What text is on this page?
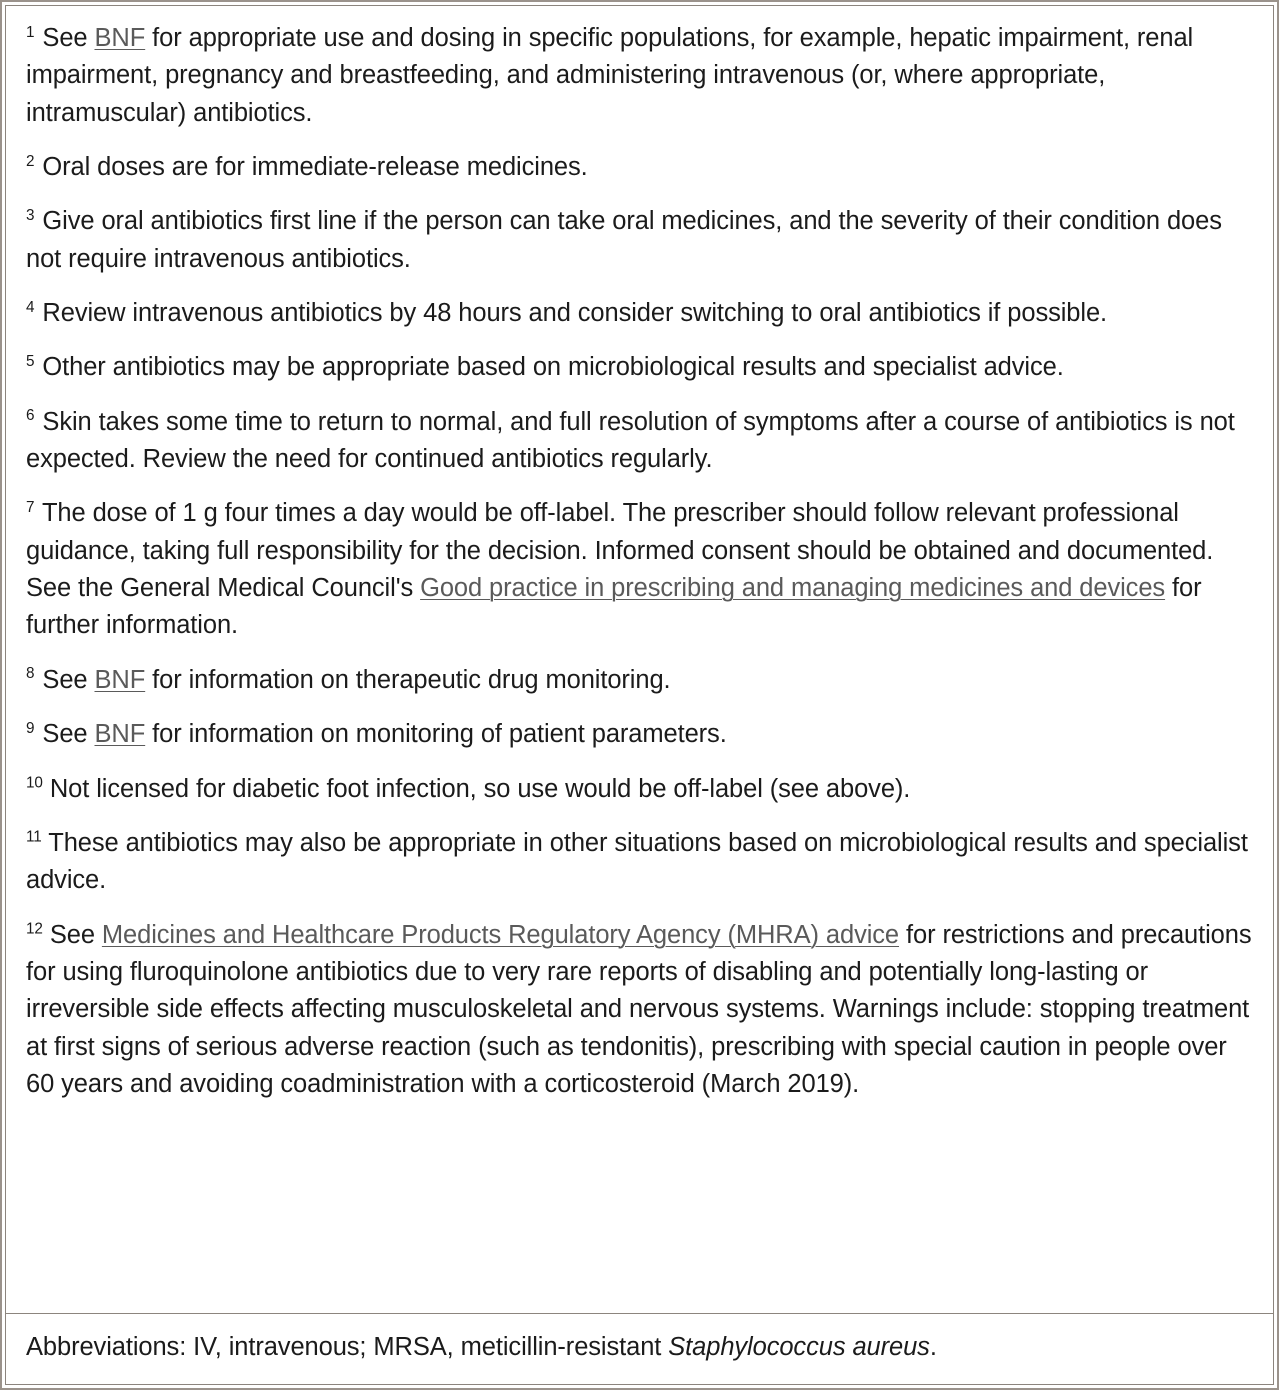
$^1$ See BNF for appropriate use and dosing in specific populations, for example, hepatic impairment, renal impairment, pregnancy and breastfeeding, and administering intravenous (or, where appropriate, intramuscular) antibiotics.

$^2$ Oral doses are for immediate-release medicines.

$^3$ Give oral antibiotics first line if the person can take oral medicines, and the severity of their condition does not require intravenous antibiotics.

$^4$ Review intravenous antibiotics by 48 hours and consider switching to oral antibiotics if possible.

$^5$ Other antibiotics may be appropriate based on microbiological results and specialist advice.

$^6$ Skin takes some time to return to normal, and full resolution of symptoms after a course of antibiotics is not expected. Review the need for continued antibiotics regularly.

$^7$ The dose of 1 g four times a day would be off-label. The prescriber should follow relevant professional guidance, taking full responsibility for the decision. Informed consent should be obtained and documented. See the General Medical Council's Good practice in prescribing and managing medicines and devices for further information.

$^8$ See BNF for information on therapeutic drug monitoring.

$^9$ See BNF for information on monitoring of patient parameters.

$^{10}$ Not licensed for diabetic foot infection, so use would be off-label (see above).

$^{11}$ These antibiotics may also be appropriate in other situations based on microbiological results and specialist advice.

$^{12}$ See Medicines and Healthcare Products Regulatory Agency (MHRA) advice for restrictions and precautions for using fluroquinolone antibiotics due to very rare reports of disabling and potentially long-lasting or irreversible side effects affecting musculoskeletal and nervous systems. Warnings include: stopping treatment at first signs of serious adverse reaction (such as tendonitis), prescribing with special caution in people over 60 years and avoiding coadministration with a corticosteroid (March 2019).

Abbreviations: IV, intravenous; MRSA, meticillin-resistant Staphylococcus aureus.
